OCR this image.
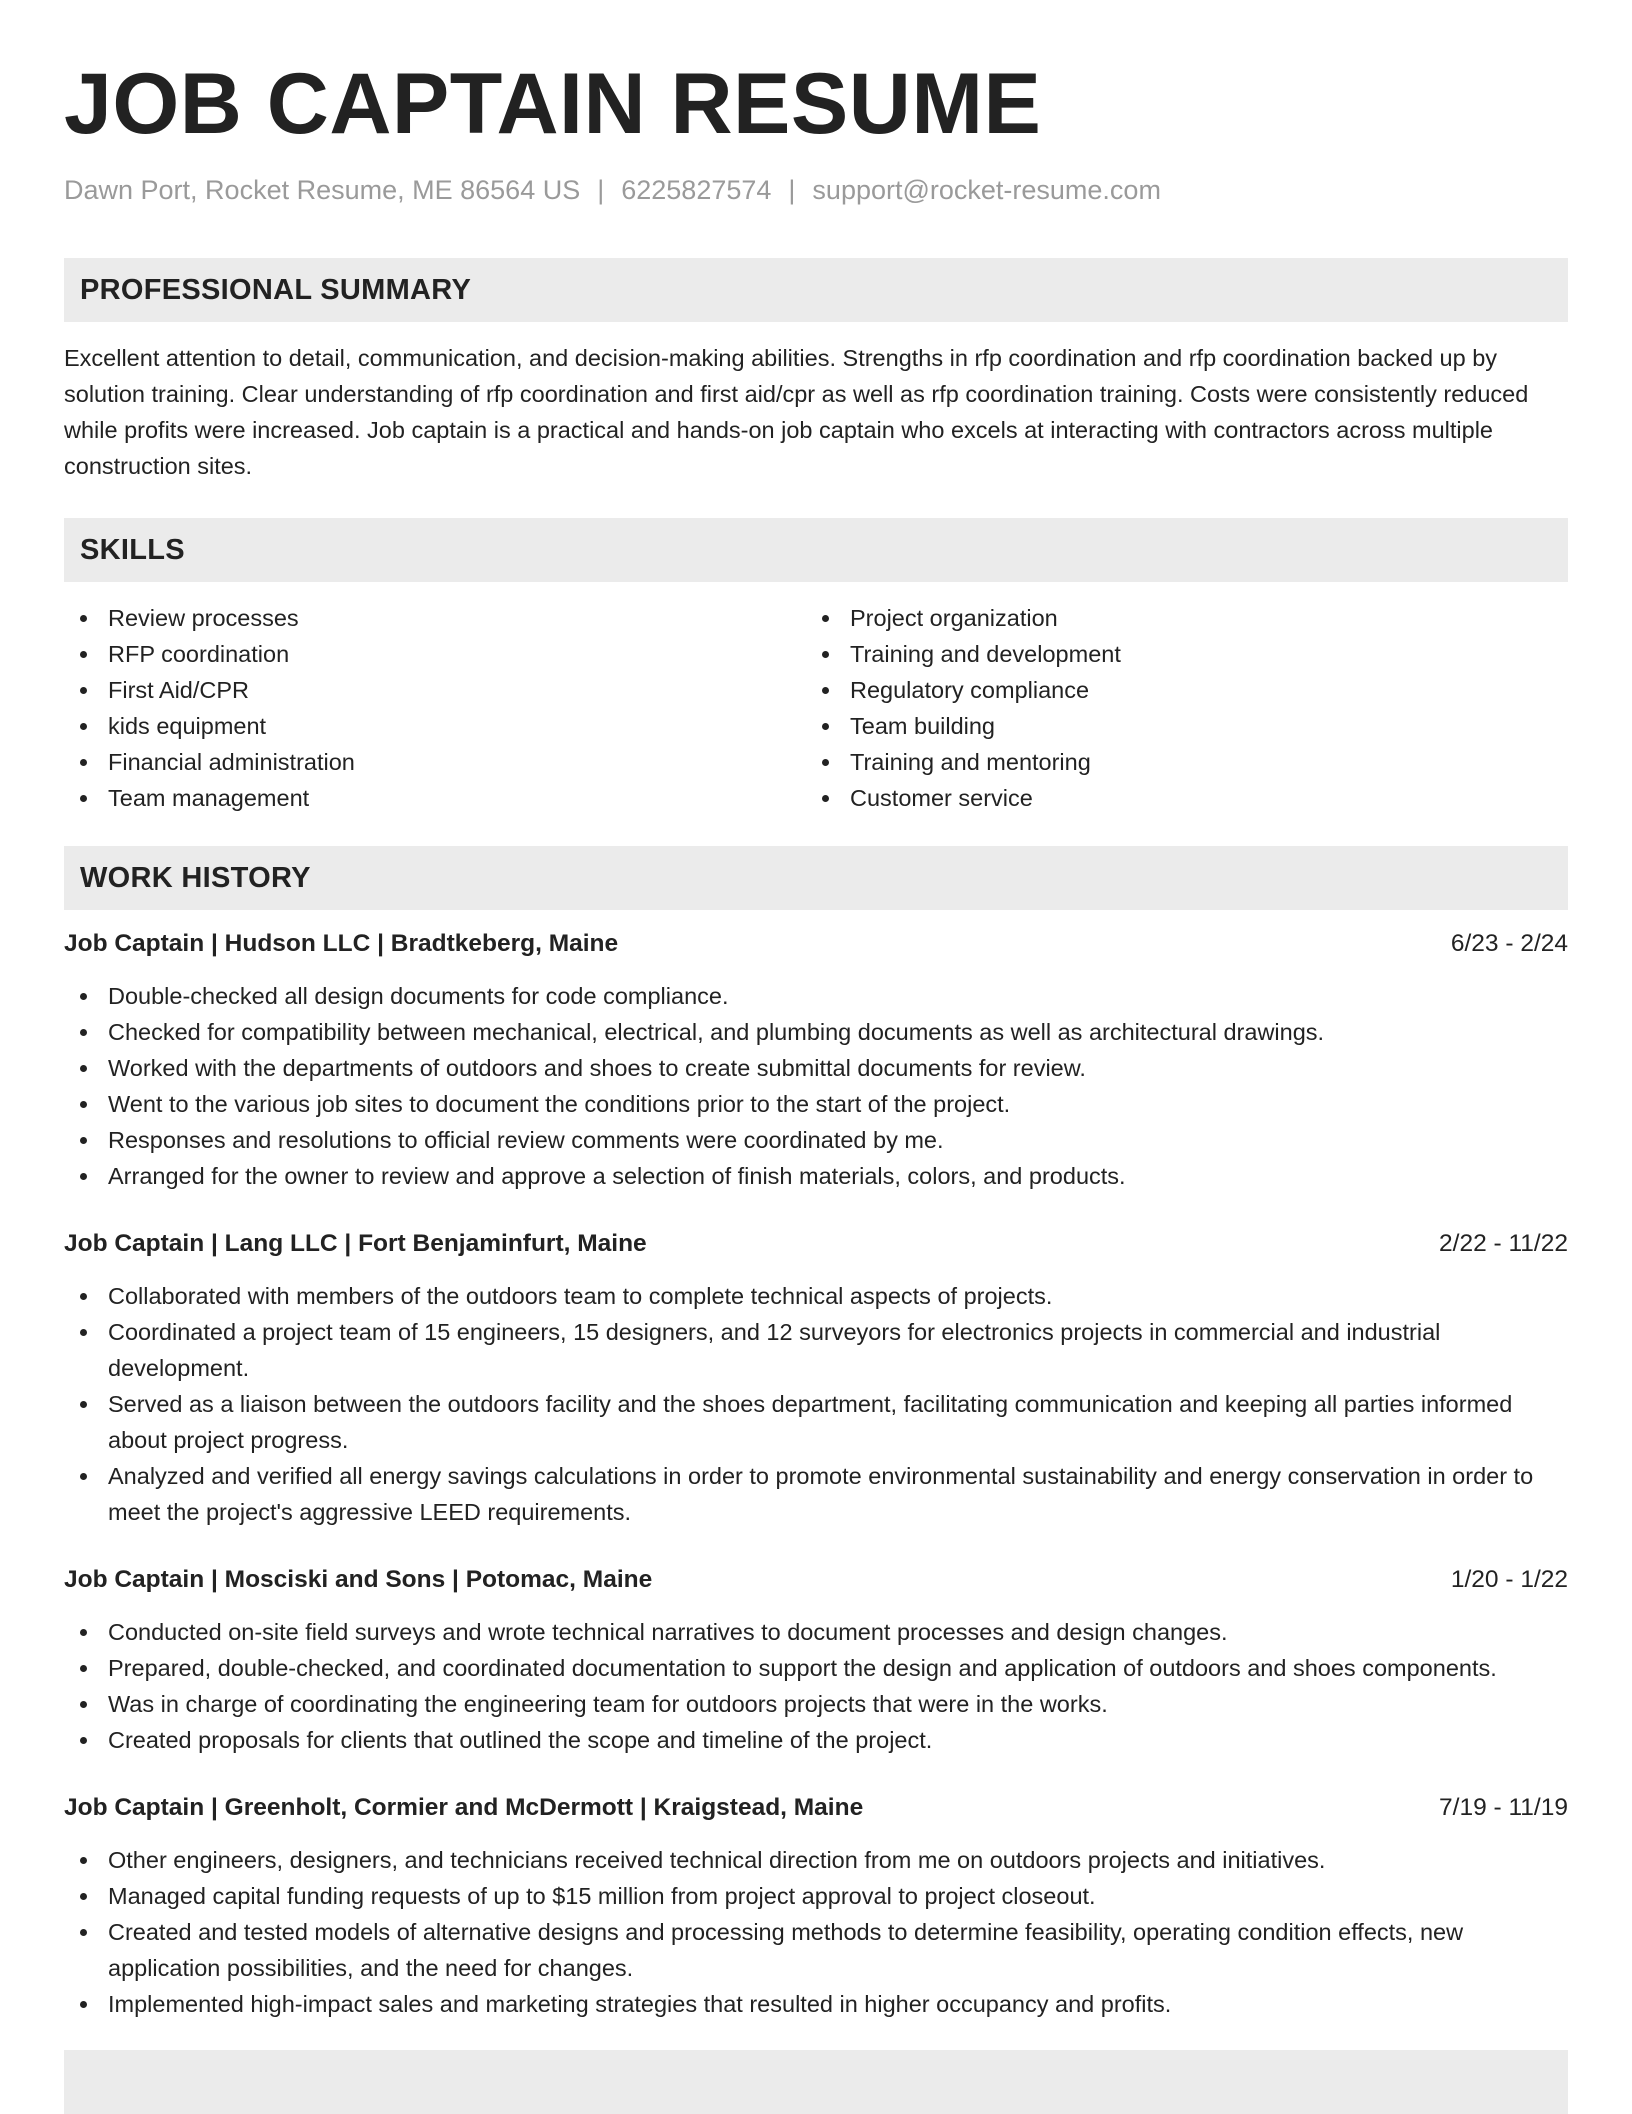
JOB CAPTAIN RESUME
Dawn Port, Rocket Resume, ME 86564 US | 6225827574 | support@rocket-resume.com
PROFESSIONAL SUMMARY

Excellent attention to detail, communication, and decision-making abilities. Strengths in rfp coordination and rfp coordination backed up by solution training. Clear understanding of rfp coordination and first aid/cpr as well as rfp coordination training. Costs were consistently reduced while profits were increased. Job captain is a practical and hands-on job captain who excels at interacting with contractors across multiple construction sites.

SKILLS
Review processes
RFP coordination
First Aid/CPR
kids equipment
Financial administration
Team management
Project organization
Training and development
Regulatory compliance
Team building
Training and mentoring
Customer service
WORK HISTORY
Job Captain | Hudson LLC | Bradtkeberg, Maine	6/23 - 2/24
Double-checked all design documents for code compliance.
Checked for compatibility between mechanical, electrical, and plumbing documents as well as architectural drawings.
Worked with the departments of outdoors and shoes to create submittal documents for review.
Went to the various job sites to document the conditions prior to the start of the project.
Responses and resolutions to official review comments were coordinated by me.
Arranged for the owner to review and approve a selection of finish materials, colors, and products.
Job Captain | Lang LLC | Fort Benjaminfurt, Maine	2/22 - 11/22
Collaborated with members of the outdoors team to complete technical aspects of projects.
Coordinated a project team of 15 engineers, 15 designers, and 12 surveyors for electronics projects in commercial and industrial development.
Served as a liaison between the outdoors facility and the shoes department, facilitating communication and keeping all parties informed about project progress.
Analyzed and verified all energy savings calculations in order to promote environmental sustainability and energy conservation in order to meet the project's aggressive LEED requirements.
Job Captain | Mosciski and Sons | Potomac, Maine	1/20 - 1/22
Conducted on-site field surveys and wrote technical narratives to document processes and design changes.
Prepared, double-checked, and coordinated documentation to support the design and application of outdoors and shoes components.
Was in charge of coordinating the engineering team for outdoors projects that were in the works.
Created proposals for clients that outlined the scope and timeline of the project.
Job Captain | Greenholt, Cormier and McDermott | Kraigstead, Maine	7/19 - 11/19
Other engineers, designers, and technicians received technical direction from me on outdoors projects and initiatives.
Managed capital funding requests of up to $15 million from project approval to project closeout.
Created and tested models of alternative designs and processing methods to determine feasibility, operating condition effects, new application possibilities, and the need for changes.
Implemented high-impact sales and marketing strategies that resulted in higher occupancy and profits.
